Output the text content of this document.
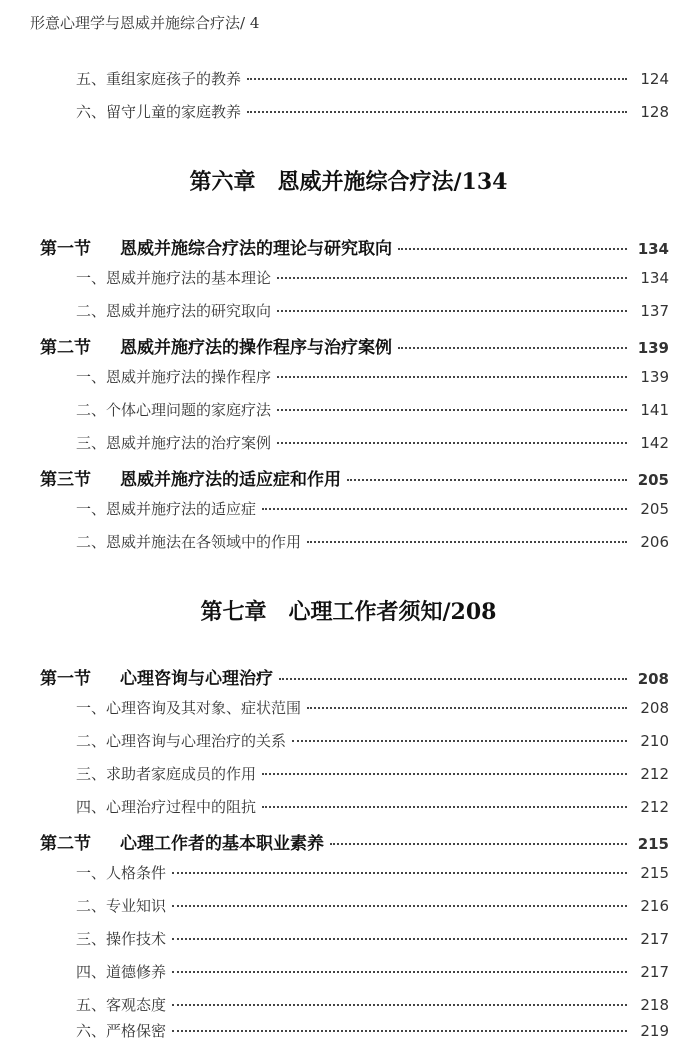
形意心理学与恩威并施综合疗法/ 4
五、重组家庭孩子的教养	124
六、留守儿童的家庭教养	128
第六章 恩威并施综合疗法/134
第一节 恩威并施综合疗法的理论与研究取向	134
一、恩威并施疗法的基本理论	134
二、恩威并施疗法的研究取向	137
第二节 恩威并施疗法的操作程序与治疗案例	139
一、恩威并施疗法的操作程序	139
二、个体心理问题的家庭疗法	141
三、恩威并施疗法的治疗案例	142
第三节 恩威并施疗法的适应症和作用	205
一、恩威并施疗法的适应症	205
二、恩威并施法在各领域中的作用	206
第七章 心理工作者须知/208
第一节 心理咨询与心理治疗	208
一、心理咨询及其对象、症状范围	208
二、心理咨询与心理治疗的关系	210
三、求助者家庭成员的作用	212
四、心理治疗过程中的阻抗	212
第二节 心理工作者的基本职业素养	215
一、人格条件	215
二、专业知识	216
三、操作技术	217
四、道德修养	217
五、客观态度	218
六、严格保密	219
